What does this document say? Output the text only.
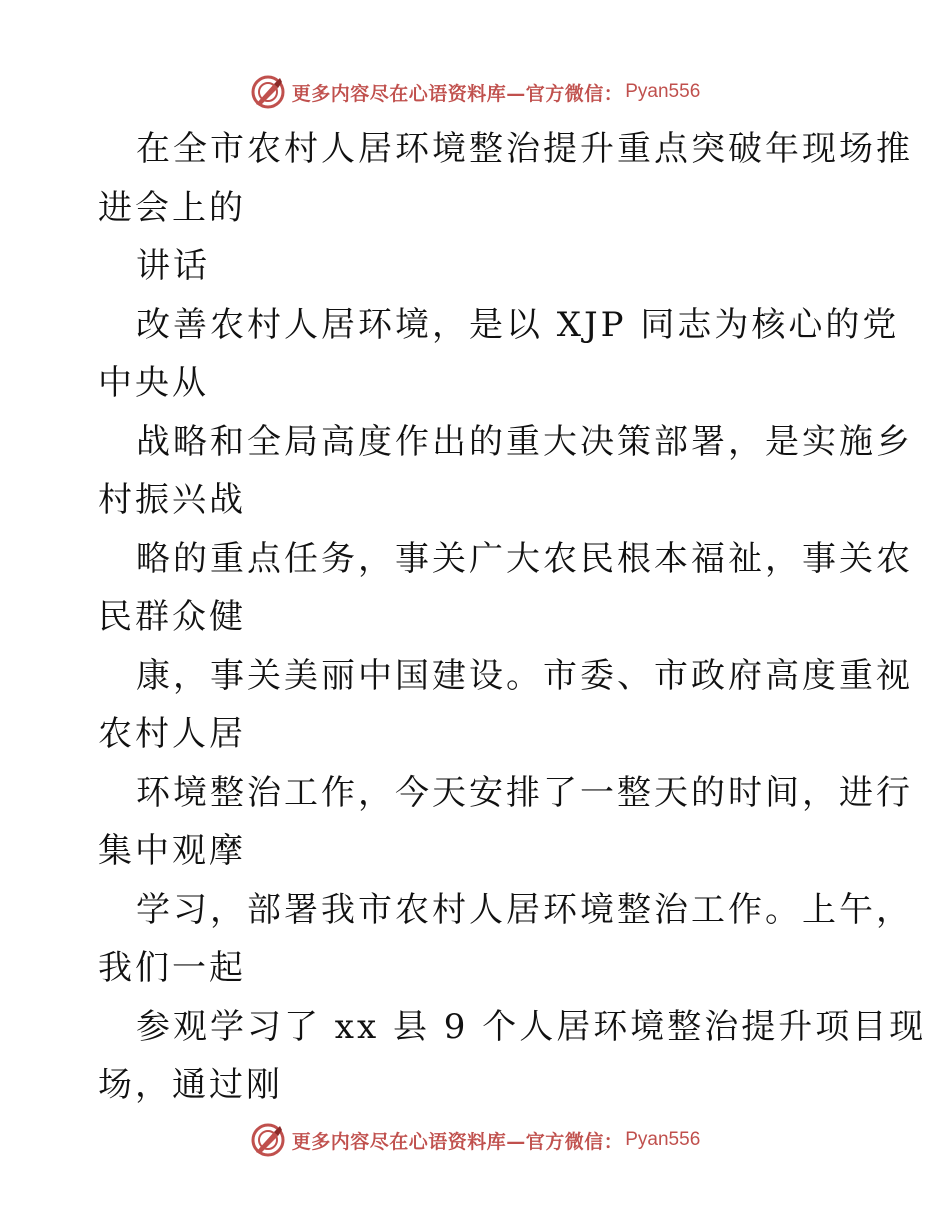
更多内容尽在心语资料库—官方微信： Pyan556
在全市农村人居环境整治提升重点突破年现场推
进会上的
讲话
改善农村人居环境，是以 XJP 同志为核心的党
中央从
战略和全局高度作出的重大决策部署，是实施乡
村振兴战
略的重点任务，事关广大农民根本福祉，事关农
民群众健
康，事关美丽中国建设。市委、市政府高度重视
农村人居
环境整治工作，今天安排了一整天的时间，进行
集中观摩
学习，部署我市农村人居环境整治工作。上午，
我们一起
参观学习了 xx 县 9 个人居环境整治提升项目现
场，通过刚
更多内容尽在心语资料库—官方微信： Pyan556
